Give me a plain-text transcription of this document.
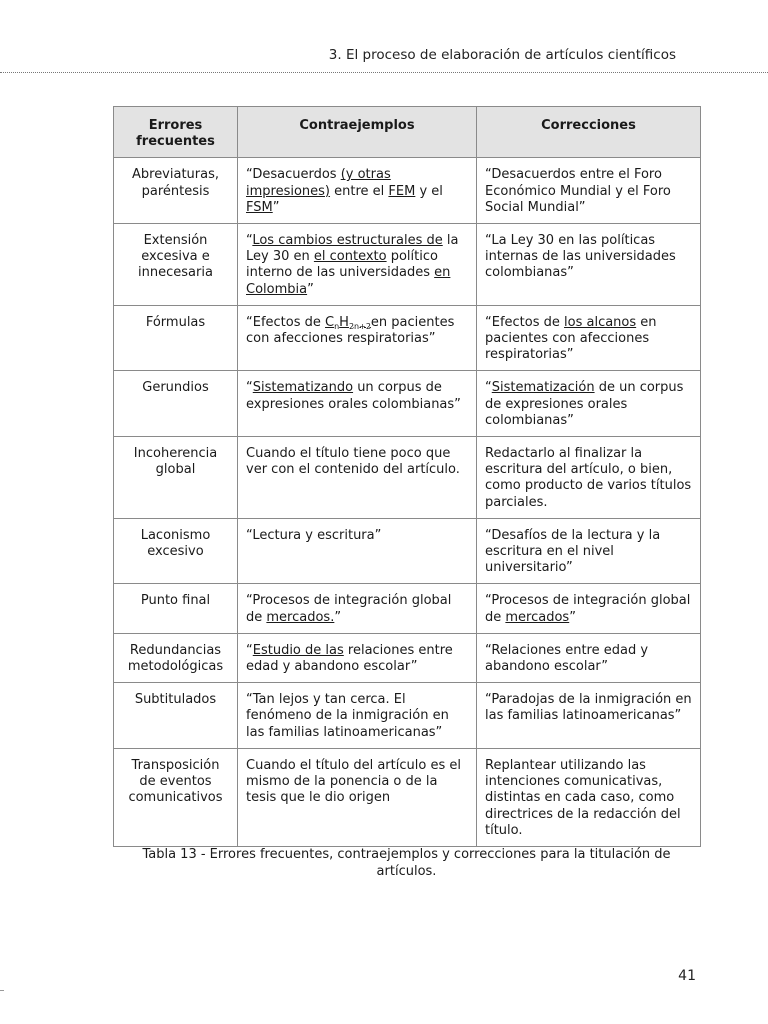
3. El proceso de elaboración de artículos científicos
Errores frecuentes	Contraejemplos	Correcciones
Abreviaturas, paréntesis	“Desacuerdos (y otras impresiones) entre el FEM y el FSM”	“Desacuerdos entre el Foro Económico Mundial y el Foro Social Mundial”
Extensión excesiva e innecesaria	“Los cambios estructurales de la Ley 30 en el contexto político interno de las universidades en Colombia”	“La Ley 30 en las políticas internas de las universidades colombianas”
Fórmulas	“Efectos de $C_nH_{2n+2}en$ pacientes con afecciones respiratorias”	“Efectos de los alcanos en pacientes con afecciones respiratorias”
Gerundios	“Sistematizando un corpus de expresiones orales colombianas”	“Sistematización de un corpus de expresiones orales colombianas”
Incoherencia global	Cuando el título tiene poco que ver con el contenido del artículo.	Redactarlo al finalizar la escritura del artículo, o bien, como producto de varios títulos parciales.
Laconismo excesivo	“Lectura y escritura”	“Desafíos de la lectura y la escritura en el nivel universitario”
Punto final	“Procesos de integración global de mercados.”	“Procesos de integración global de mercados”
Redundancias metodológicas	“Estudio de las relaciones entre edad y abandono escolar”	“Relaciones entre edad y abandono escolar”
Subtitulados	“Tan lejos y tan cerca. El fenómeno de la inmigración en las familias latinoamericanas”	“Paradojas de la inmigración en las familias latinoamericanas”
Transposición de eventos comunicativos	Cuando el título del artículo es el mismo de la ponencia o de la tesis que le dio origen	Replantear utilizando las intenciones comunicativas, distintas en cada caso, como directrices de la redacción del título.
Tabla 13 - Errores frecuentes, contraejemplos y correcciones para la titulación de artículos.
41
